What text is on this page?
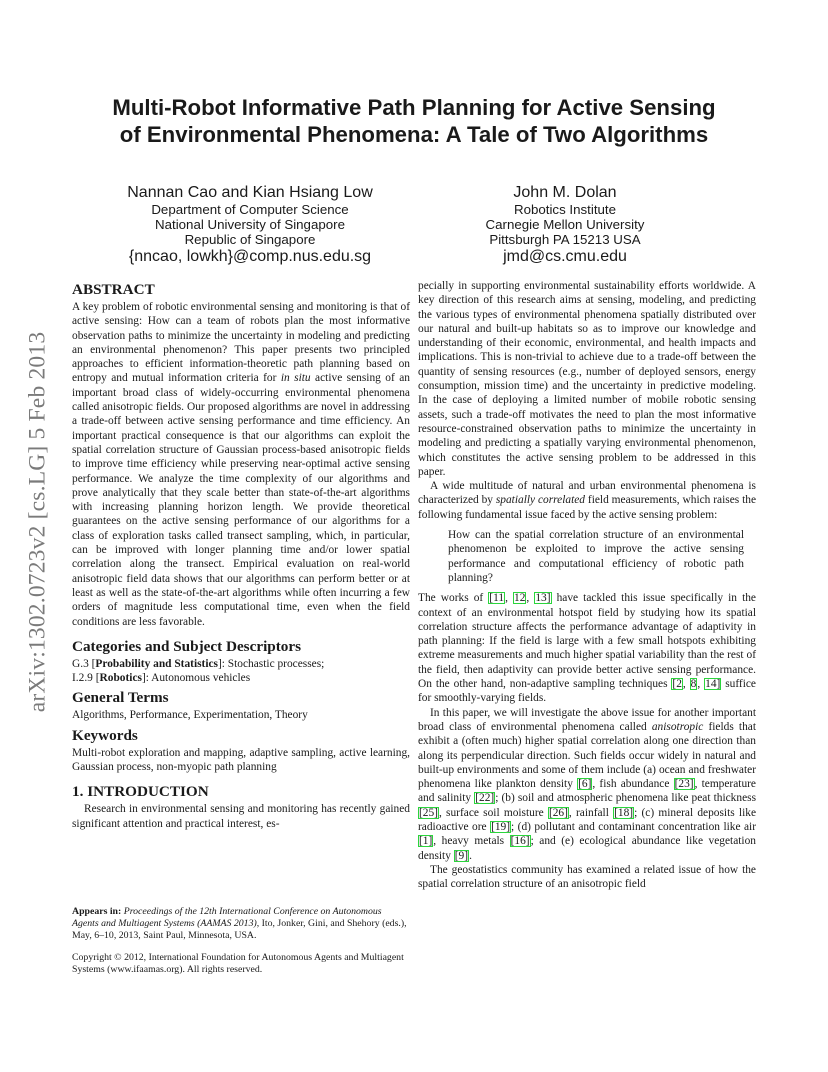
arXiv:1302.0723v2 [cs.LG] 5 Feb 2013
Multi-Robot Informative Path Planning for Active Sensing
of Environmental Phenomena: A Tale of Two Algorithms
Nannan Cao and Kian Hsiang Low
Department of Computer Science
National University of Singapore
Republic of Singapore
{nncao, lowkh}@comp.nus.edu.sg
John M. Dolan
Robotics Institute
Carnegie Mellon University
Pittsburgh PA 15213 USA
jmd@cs.cmu.edu
ABSTRACT

A key problem of robotic environmental sensing and monitoring is that of active sensing: How can a team of robots plan the most informative observation paths to minimize the uncertainty in modeling and predicting an environmental phenomenon? This paper presents two principled approaches to efficient information-theoretic path planning based on entropy and mutual information criteria for in situ active sensing of an important broad class of widely-occurring environmental phenomena called anisotropic fields. Our proposed algorithms are novel in addressing a trade-off between active sensing performance and time efficiency. An important practical consequence is that our algorithms can exploit the spatial correlation structure of Gaussian process-based anisotropic fields to improve time efficiency while preserving near-optimal active sensing performance. We analyze the time complexity of our algorithms and prove analytically that they scale better than state-of-the-art algorithms with increasing planning horizon length. We provide theoretical guarantees on the active sensing performance of our algorithms for a class of exploration tasks called transect sampling, which, in particular, can be improved with longer planning time and/or lower spatial correlation along the transect. Empirical evaluation on real-world anisotropic field data shows that our algorithms can perform better or at least as well as the state-of-the-art algorithms while often incurring a few orders of magnitude less computational time, even when the field conditions are less favorable.

Categories and Subject Descriptors

G.3 [Probability and Statistics]: Stochastic processes;

I.2.9 [Robotics]: Autonomous vehicles

General Terms

Algorithms, Performance, Experimentation, Theory

Keywords

Multi-robot exploration and mapping, adaptive sampling, active learning, Gaussian process, non-myopic path planning

1. INTRODUCTION

Research in environmental sensing and monitoring has recently gained significant attention and practical interest, es-

Appears in: Proceedings of the 12th International Conference on Autonomous Agents and Multiagent Systems (AAMAS 2013), Ito, Jonker, Gini, and Shehory (eds.), May, 6–10, 2013, Saint Paul, Minnesota, USA.

Copyright © 2012, International Foundation for Autonomous Agents and Multiagent Systems (www.ifaamas.org). All rights reserved.

pecially in supporting environmental sustainability efforts worldwide. A key direction of this research aims at sensing, modeling, and predicting the various types of environmental phenomena spatially distributed over our natural and built-up habitats so as to improve our knowledge and understanding of their economic, environmental, and health impacts and implications. This is non-trivial to achieve due to a trade-off between the quantity of sensing resources (e.g., number of deployed sensors, energy consumption, mission time) and the uncertainty in predictive modeling. In the case of deploying a limited number of mobile robotic sensing assets, such a trade-off motivates the need to plan the most informative resource-constrained observation paths to minimize the uncertainty in modeling and predicting a spatially varying environmental phenomenon, which constitutes the active sensing problem to be addressed in this paper.

A wide multitude of natural and urban environmental phenomena is characterized by spatially correlated field measurements, which raises the following fundamental issue faced by the active sensing problem:

How can the spatial correlation structure of an environmental phenomenon be exploited to improve the active sensing performance and computational efficiency of robotic path planning?

The works of [11, 12, 13] have tackled this issue specifically in the context of an environmental hotspot field by studying how its spatial correlation structure affects the performance advantage of adaptivity in path planning: If the field is large with a few small hotspots exhibiting extreme measurements and much higher spatial variability than the rest of the field, then adaptivity can provide better active sensing performance. On the other hand, non-adaptive sampling techniques [2, 8, 14] suffice for smoothly-varying fields.

In this paper, we will investigate the above issue for another important broad class of environmental phenomena called anisotropic fields that exhibit a (often much) higher spatial correlation along one direction than along its perpendicular direction. Such fields occur widely in natural and built-up environments and some of them include (a) ocean and freshwater phenomena like plankton density [6], fish abundance [23], temperature and salinity [22]; (b) soil and atmospheric phenomena like peat thickness [25], surface soil moisture [26], rainfall [18]; (c) mineral deposits like radioactive ore [19]; (d) pollutant and contaminant concentration like air [1], heavy metals [16]; and (e) ecological abundance like vegetation density [9].

The geostatistics community has examined a related issue of how the spatial correlation structure of an anisotropic field
